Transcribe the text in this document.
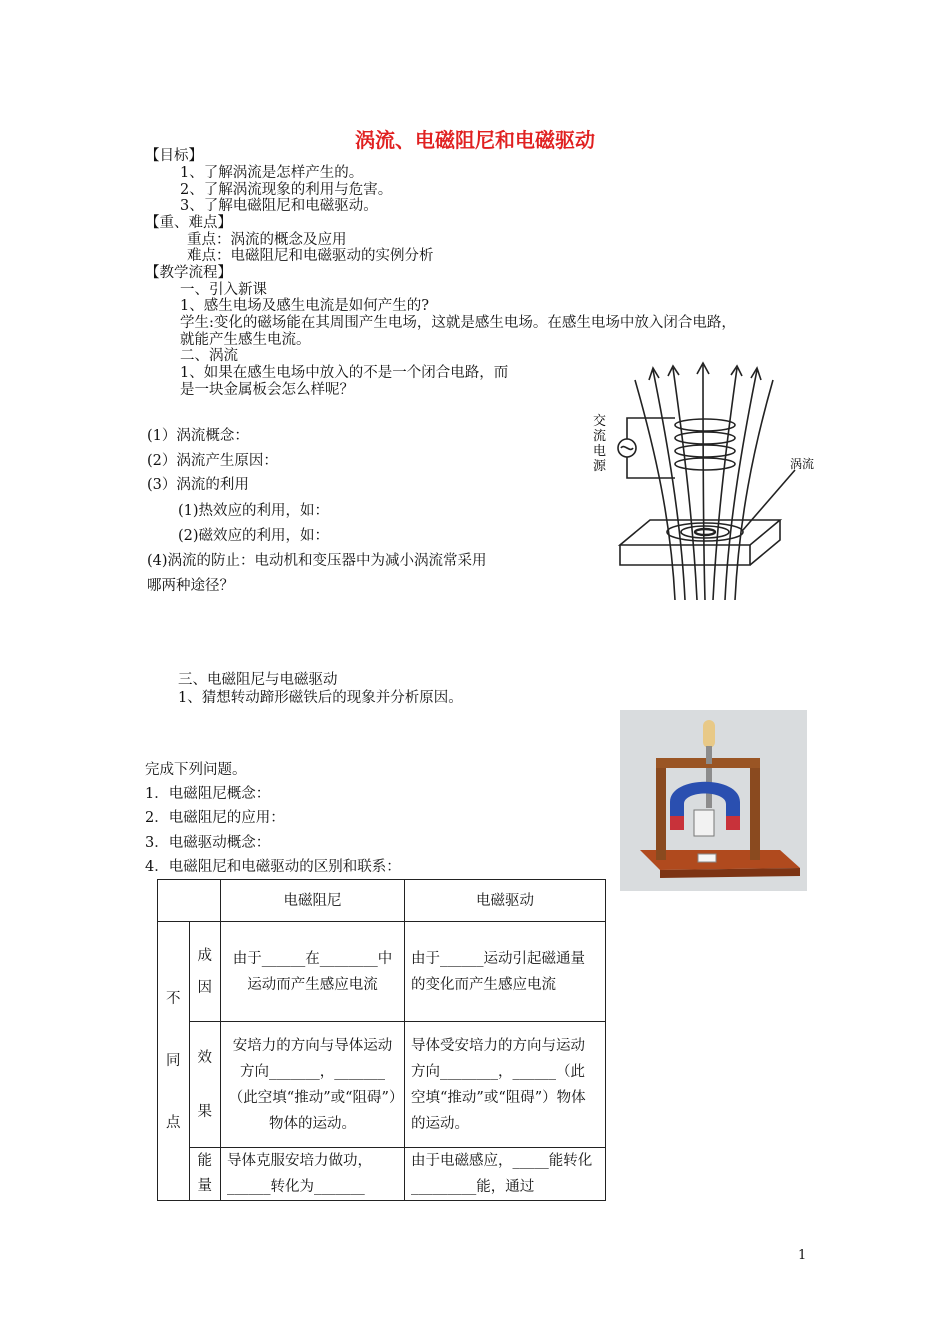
涡流、电磁阻尼和电磁驱动
【目标】
1、了解涡流是怎样产生的。
2、了解涡流现象的利用与危害。
3、了解电磁阻尼和电磁驱动。
【重、难点】
重点：涡流的概念及应用
难点：电磁阻尼和电磁驱动的实例分析
【教学流程】
一、引入新课
1、感生电场及感生电流是如何产生的?
学生:变化的磁场能在其周围产生电场，这就是感生电场。在感生电场中放入闭合电路，
就能产生感生电流。
二、涡流
1、如果在感生电场中放入的不是一个闭合电路，而
是一块金属板会怎么样呢？
(1）涡流概念：
(2）涡流产生原因：
(3）涡流的利用
(1)热效应的利用，如：
(2)磁效应的利用，如：
(4)涡流的防止：电动机和变压器中为减小涡流常采用
哪两种途径？
交 流 电 源	涡流
三、电磁阻尼与电磁驱动
1、猜想转动蹄形磁铁后的现象并分析原因。
完成下列问题。
1．电磁阻尼概念：
2．电磁阻尼的应用：
3．电磁驱动概念：
4．电磁阻尼和电磁驱动的区别和联系：
		电磁阻尼	电磁驱动
不同点	成因	由于______在________中运动而产生感应电流	由于______运动引起磁通量的变化而产生感应电流
	效果	安培力的方向与导体运动方向_______，_______（此空填“推动”或“阻碍”）物体的运动。	导体受安培力的方向与运动方向________，______（此空填“推动”或“阻碍”）物体的运动。
	能量	导体克服安培力做功，______转化为_______	由于电磁感应，_____能转化_________能，通过
1
